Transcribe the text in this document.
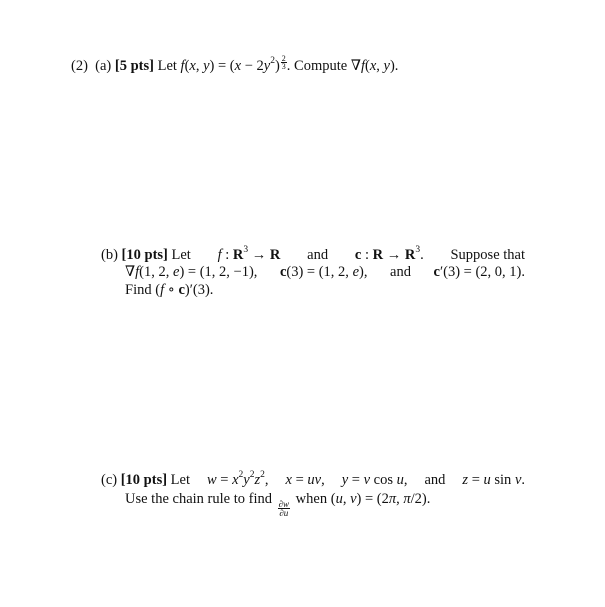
(2) (a) [5 pts] Let f(x, $y) = (x - 2y^2) \frac{2}{3}$ . Compute ∇f(x, y).
(b) [10 pts] Let f : $R^3 \to R$ and c : $R \to R^3$. Suppose that
∇f(1, 2, e) = (1, 2, −1), c(3) = (1, 2, e), and c′(3) = (2, 0, 1).
Find (f ∘ c)′(3).
(c) [10 pts] Let $w = x^2y^2z^2$, x = uv, y = v cos u, and z = u sin v.
Use the chain rule to find
$\frac{\partial w}{\partial u}$
when (u, v) = (2π, π/2).
